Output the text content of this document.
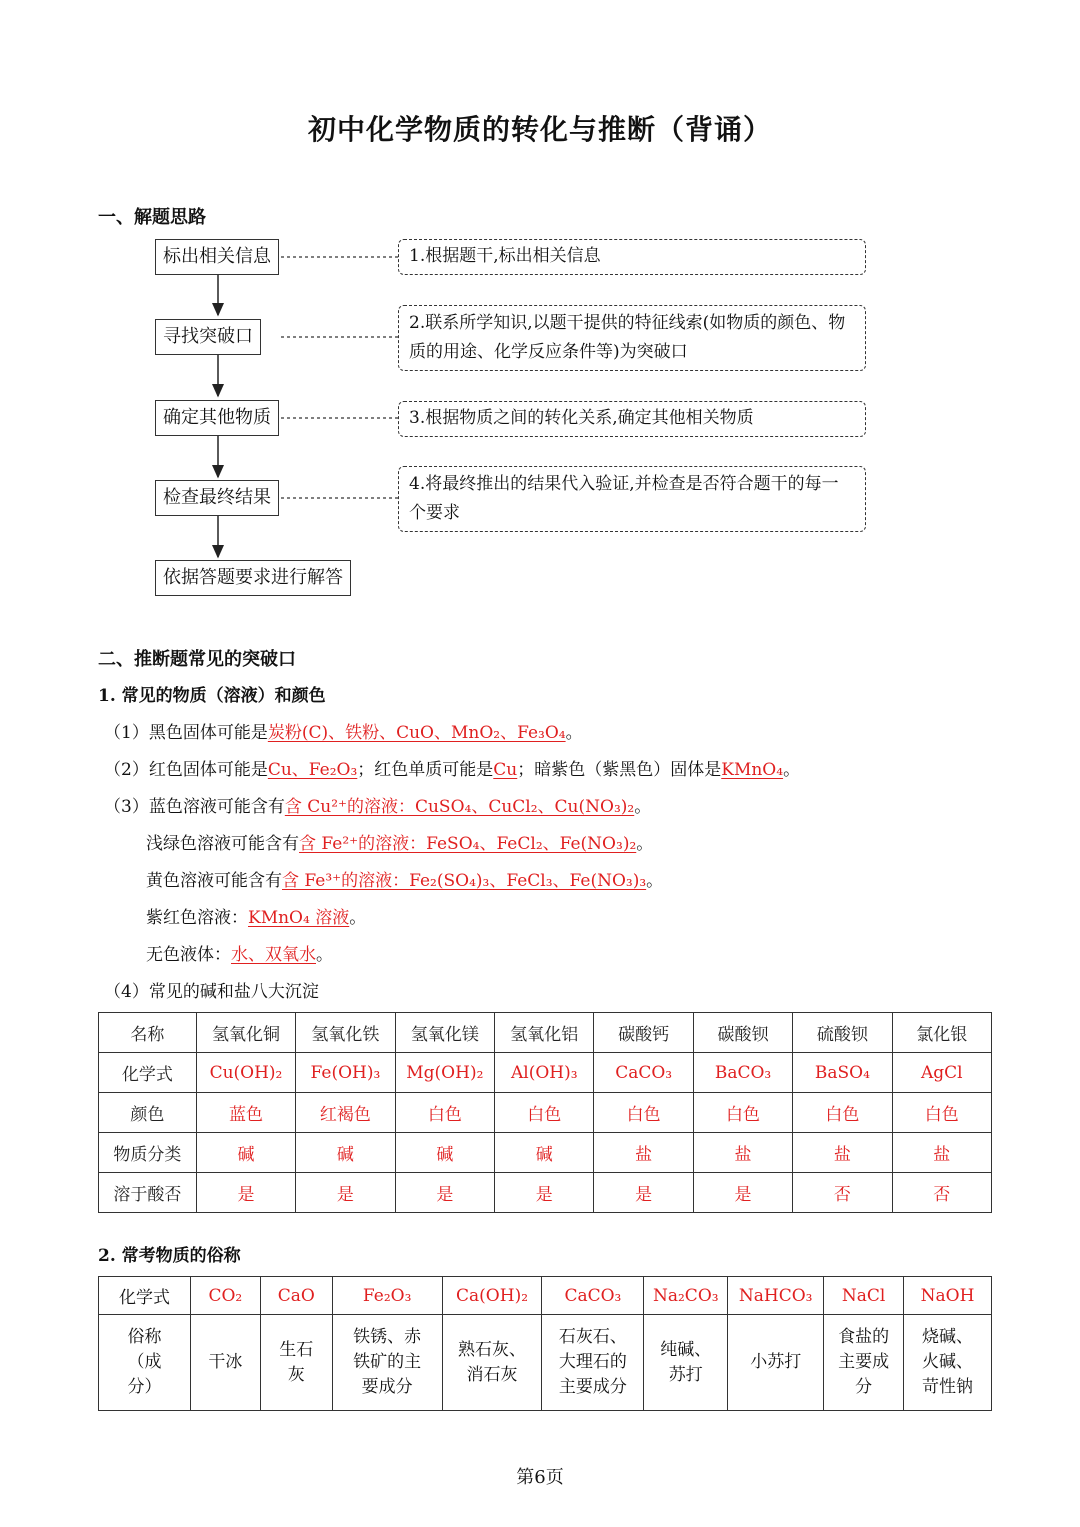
初中化学物质的转化与推断（背诵）
一、解题思路
标出相关信息
寻找突破口
确定其他物质
检查最终结果
依据答题要求进行解答
1.根据题干,标出相关信息
2.联系所学知识,以题干提供的特征线索(如物质的颜色、物质的用途、化学反应条件等)为突破口
3.根据物质之间的转化关系,确定其他相关物质
4.将最终推出的结果代入验证,并检查是否符合题干的每一个要求
二、推断题常见的突破口
1. 常见的物质（溶液）和颜色
（1）黑色固体可能是炭粉(C)、铁粉、CuO、MnO₂、Fe₃O₄。
（2）红色固体可能是Cu、Fe₂O₃；红色单质可能是Cu；暗紫色（紫黑色）固体是KMnO₄。
（3）蓝色溶液可能含有含 Cu²⁺的溶液：CuSO₄、CuCl₂、Cu(NO₃)₂。
浅绿色溶液可能含有含 Fe²⁺的溶液：FeSO₄、FeCl₂、Fe(NO₃)₂。
黄色溶液可能含有含 Fe³⁺的溶液：Fe₂(SO₄)₃、FeCl₃、Fe(NO₃)₃。
紫红色溶液：KMnO₄ 溶液。
无色液体：水、双氧水。
（4）常见的碱和盐八大沉淀
名称	氢氧化铜	氢氧化铁	氢氧化镁	氢氧化铝	碳酸钙	碳酸钡	硫酸钡	氯化银
化学式	Cu(OH)₂	Fe(OH)₃	Mg(OH)₂	Al(OH)₃	CaCO₃	BaCO₃	BaSO₄	AgCl
颜色	蓝色	红褐色	白色	白色	白色	白色	白色	白色
物质分类	碱	碱	碱	碱	盐	盐	盐	盐
溶于酸否	是	是	是	是	是	是	否	否
2. 常考物质的俗称
化学式	CO₂	CaO	Fe₂O₃	Ca(OH)₂	CaCO₃	Na₂CO₃	NaHCO₃	NaCl	NaOH
俗称（成分）	干冰	生石灰	铁锈、赤铁矿的主要成分	熟石灰、消石灰	石灰石、大理石的主要成分	纯碱、苏打	小苏打	食盐的主要成分	烧碱、火碱、苛性钠
第6页
